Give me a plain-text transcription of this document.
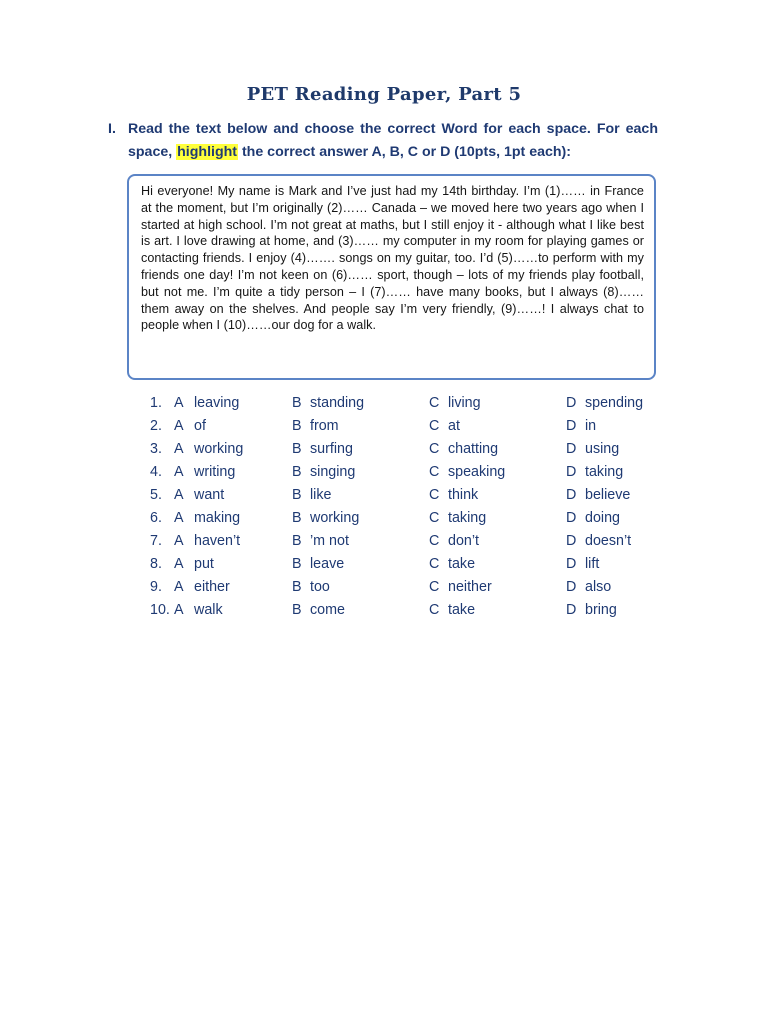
PET Reading Paper, Part 5
I. Read the text below and choose the correct Word for each space. For each
space, highlight the correct answer A, B, C or D (10pts, 1pt each):

Hi everyone! My name is Mark and I’ve just had my 14th birthday. I’m (1)…… in France at the moment, but I’m originally (2)…… Canada – we moved here two years ago when I started at high school. I’m not great at maths, but I still enjoy it - although what I like best is art. I love drawing at home, and (3)…… my computer in my room for playing games or contacting friends. I enjoy (4)……. songs on my guitar, too. I’d (5)……to perform with my friends one day! I’m not keen on (6)…… sport, though – lots of my friends play football, but not me. I’m quite a tidy person – I (7)…… have many books, but I always (8)……them away on the shelves. And people say I’m very friendly, (9)……! I always chat to people when I (10)……our dog for a walk.

1. A leaving	B standing	C living	D spending
2. A of	B from	C at	D in
3. A working	B surfing	C chatting	D using
4. A writing	B singing	C speaking	D taking
5. A want	B like	C think	D believe
6. A making	B working	C taking	D doing
7. A haven’t	B ’m not	C don’t	D doesn’t
8. A put	B leave	C take	D lift
9. A either	B too	C neither	D also
10. A walk	B come	C take	D bring
